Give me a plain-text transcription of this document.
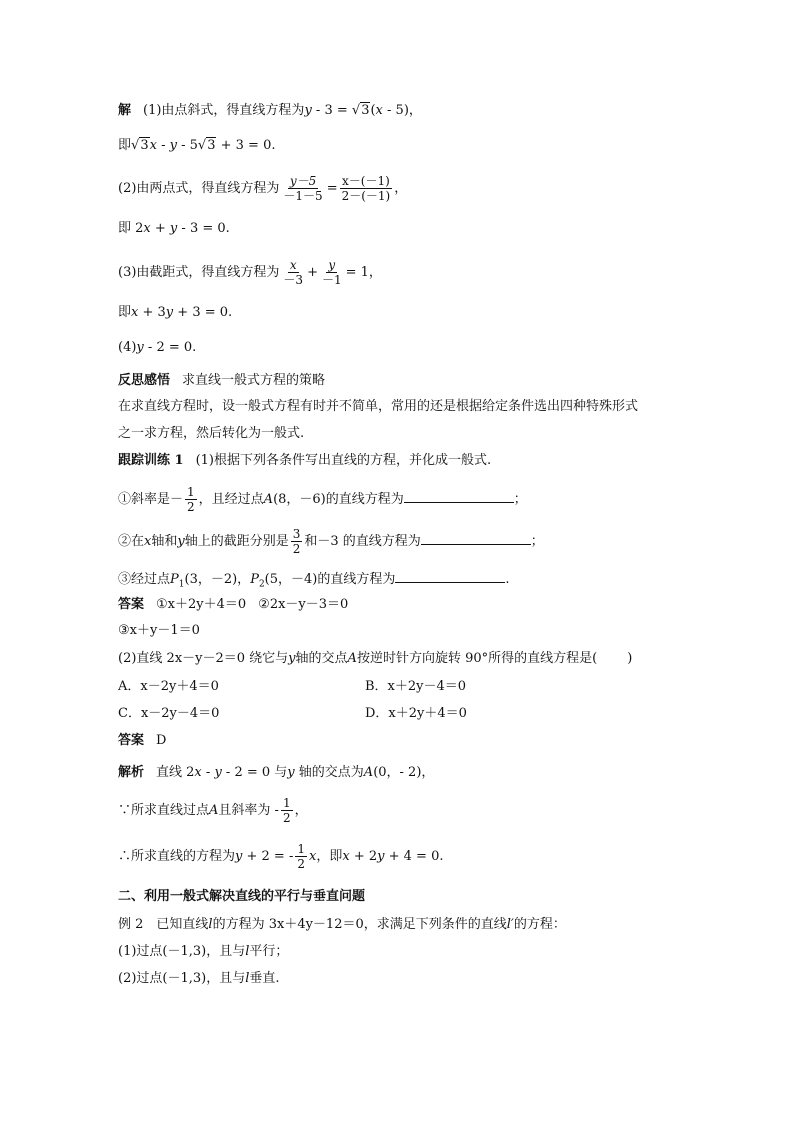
解 (1)由点斜式，得直线方程为y - 3 = √3(x - 5)，
即√3x - y - 5√3 + 3 = 0.
(2)由两点式，得直线方程为 $\frac{y-5}{-1-5} = \frac{x-(-1)}{2-(-1)}$ ，
即 2x + y - 3 = 0.
(3)由截距式，得直线方程为 $\frac{x}{-3} + \frac{y}{-1} = 1$，
即x + 3y + 3 = 0.
(4)y - 2 = 0.
反思感悟 求直线一般式方程的策略
在求直线方程时，设一般式方程有时并不简单，常用的还是根据给定条件选出四种特殊形式
之一求方程，然后转化为一般式.
跟踪训练 1 (1)根据下列各条件写出直线的方程，并化成一般式.
①斜率是－ $\frac{1}{2}$ ，且经过点A(8，－6)的直线方程为	；
②在x轴和y轴上的截距分别是 $\frac{3}{2}$ 和－3 的直线方程为	；
③经过点$P_1(3$，－2)，$P_2(5$，－4)的直线方程为	.
答案 ①x＋2y＋4＝0 ②2x－y－3＝0
③x＋y－1＝0
(2)直线 2x－y－2＝0 绕它与y轴的交点A按逆时针方向旋转 90°所得的直线方程是( )
A．x－2y＋4＝0	B．x＋2y－4＝0
C．x－2y－4＝0	D．x＋2y＋4＝0
答案 D
解析 直线 2x - y - 2 = 0 与y 轴的交点为A(0，- 2)，
∵所求直线过点A且斜率为 - $\frac{1}{2}$ ，
∴所求直线的方程为y + 2 = - $\frac{1}{2}$ x，即x + 2y + 4 = 0.
二、利用一般式解决直线的平行与垂直问题
例 2　已知直线l的方程为 3x＋4y－12＝0，求满足下列条件的直线l′的方程：
(1)过点(－1,3)，且与l平行；
(2)过点(－1,3)，且与l垂直.
